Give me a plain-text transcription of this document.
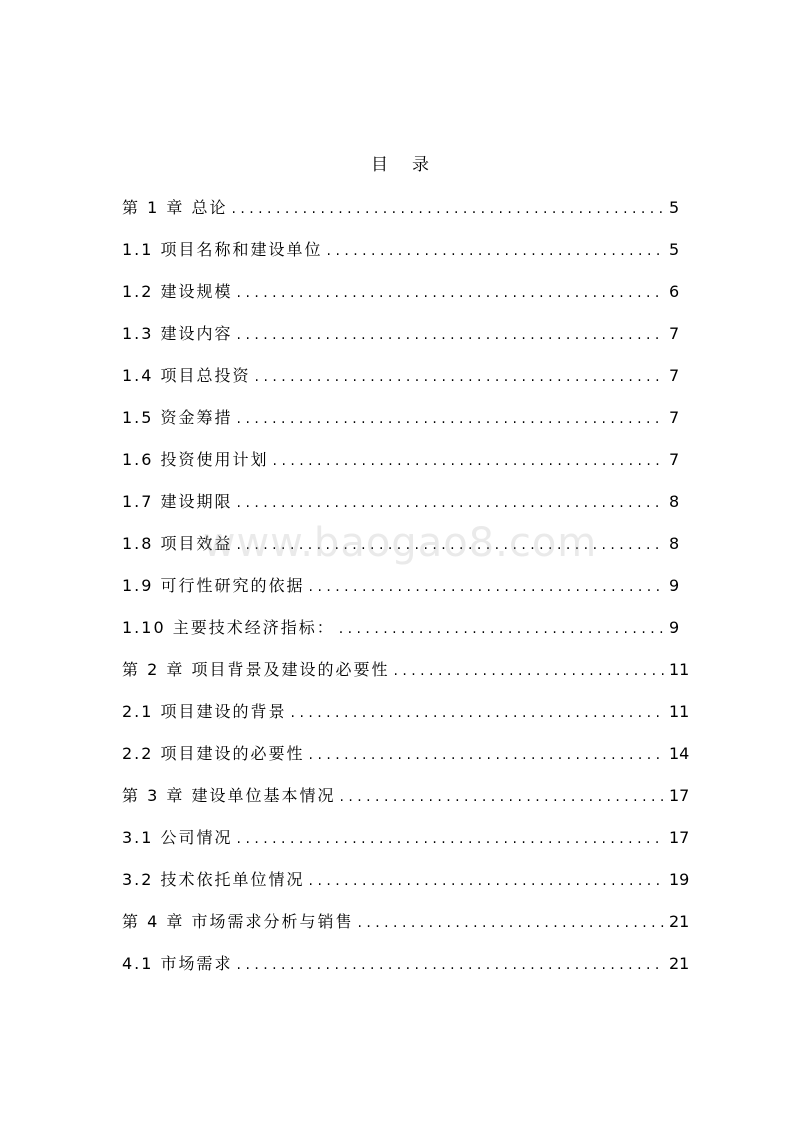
目录
第 1 章 总论 . . .	5
1.1 项目名称和建设单位 . . .	5
1.2 建设规模 . . .	6
1.3 建设内容 . . .	7
1.4 项目总投资 . . .	7
1.5 资金筹措 . . .	7
1.6 投资使用计划 . . .	7
1.7 建设期限 . . .	8
1.8 项目效益 . . .	8
1.9 可行性研究的依据 . . .	9
1.10 主要技术经济指标： . . .	9
第 2 章 项目背景及建设的必要性 . . .	11
2.1 项目建设的背景 . . .	11
2.2 项目建设的必要性 . . .	14
第 3 章 建设单位基本情况 . . .	17
3.1 公司情况 . . .	17
3.2 技术依托单位情况 . . .	19
第 4 章 市场需求分析与销售 . . .	21
4.1 市场需求 . . .	21
www.baogao8.com
